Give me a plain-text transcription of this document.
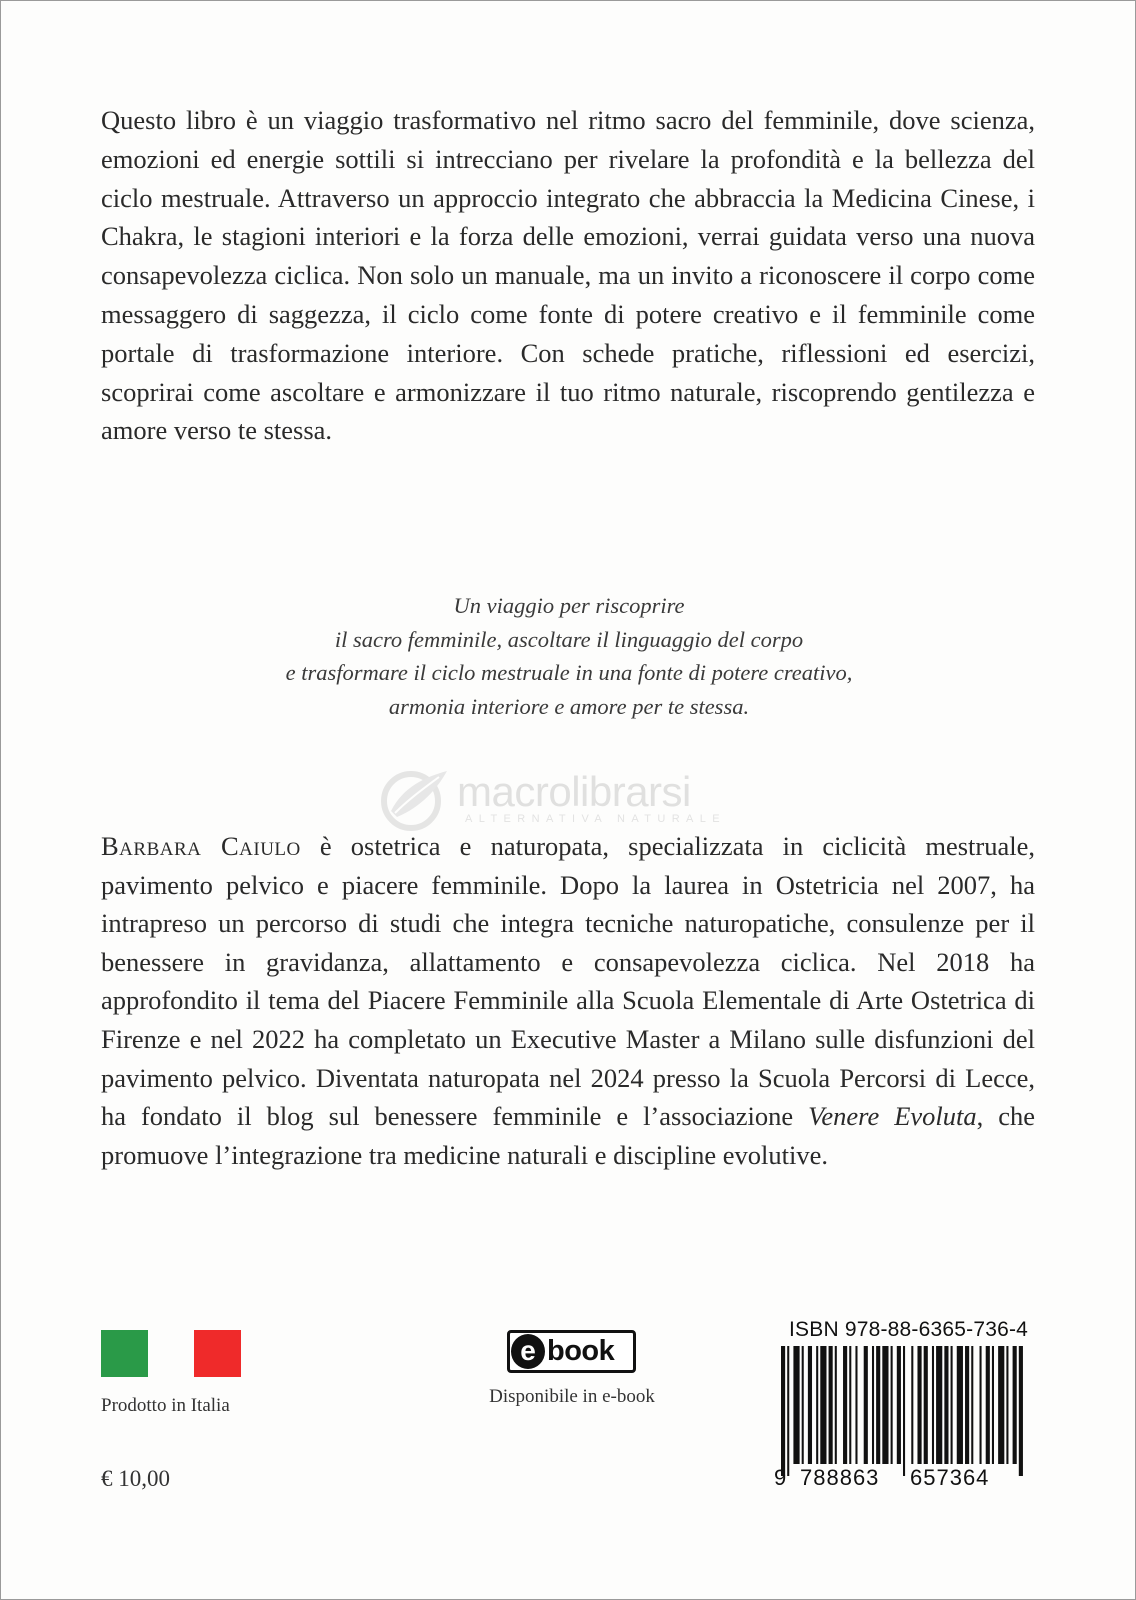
Questo libro è un viaggio trasformativo nel ritmo sacro del femminile, dove scienza, emozioni ed energie sottili si intrecciano per rivelare la profondità e la bellezza del ciclo mestruale. Attraverso un approccio integrato che abbraccia la Medicina Cinese, i Chakra, le stagioni interiori e la forza delle emozioni, verrai guidata verso una nuova consapevolezza ciclica. Non solo un manuale, ma un invito a riconoscere il corpo come messaggero di saggezza, il ciclo come fonte di potere creativo e il femminile come portale di trasformazione interiore. Con schede pratiche, riflessioni ed esercizi, scoprirai come ascoltare e armonizzare il tuo ritmo naturale, riscoprendo gentilezza e amore verso te stessa.

Un viaggio per riscoprire
il sacro femminile, ascoltare il linguaggio del corpo
e trasformare il ciclo mestruale in una fonte di potere creativo,
armonia interiore e amore per te stessa.

macrolibrarsi
ALTERNATIVA NATURALE

Barbara Caiulo è ostetrica e naturopata, specializzata in ciclicità mestruale, pavimento pelvico e piacere femminile. Dopo la laurea in Ostetricia nel 2007, ha intrapreso un percorso di studi che integra tecniche naturopatiche, consulenze per il benessere in gravidanza, allattamento e consapevolezza ciclica. Nel 2018 ha approfondito il tema del Piacere Femminile alla Scuola Elementale di Arte Ostetrica di Firenze e nel 2022 ha completato un Executive Master a Milano sulle disfunzioni del pavimento pelvico. Diventata naturopata nel 2024 presso la Scuola Percorsi di Lecce, ha fondato il blog sul benessere femminile e l’associazione Venere Evoluta, che promuove l’integrazione tra medicine naturali e discipline evolutive.

Prodotto in Italia
€ 10,00
e book
Disponibile in e-book
ISBN 978-88-6365-736-4
9 788863 657364
